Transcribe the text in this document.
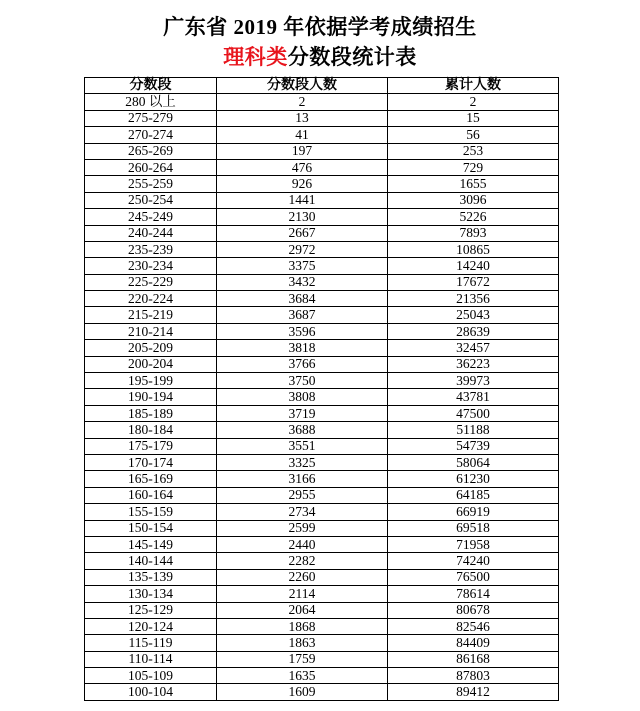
广东省 2019 年依据学考成绩招生
理科类分数段统计表
分数段	分数段人数	累计人数
280 以上	2	2
275-279	13	15
270-274	41	56
265-269	197	253
260-264	476	729
255-259	926	1655
250-254	1441	3096
245-249	2130	5226
240-244	2667	7893
235-239	2972	10865
230-234	3375	14240
225-229	3432	17672
220-224	3684	21356
215-219	3687	25043
210-214	3596	28639
205-209	3818	32457
200-204	3766	36223
195-199	3750	39973
190-194	3808	43781
185-189	3719	47500
180-184	3688	51188
175-179	3551	54739
170-174	3325	58064
165-169	3166	61230
160-164	2955	64185
155-159	2734	66919
150-154	2599	69518
145-149	2440	71958
140-144	2282	74240
135-139	2260	76500
130-134	2114	78614
125-129	2064	80678
120-124	1868	82546
115-119	1863	84409
110-114	1759	86168
105-109	1635	87803
100-104	1609	89412
